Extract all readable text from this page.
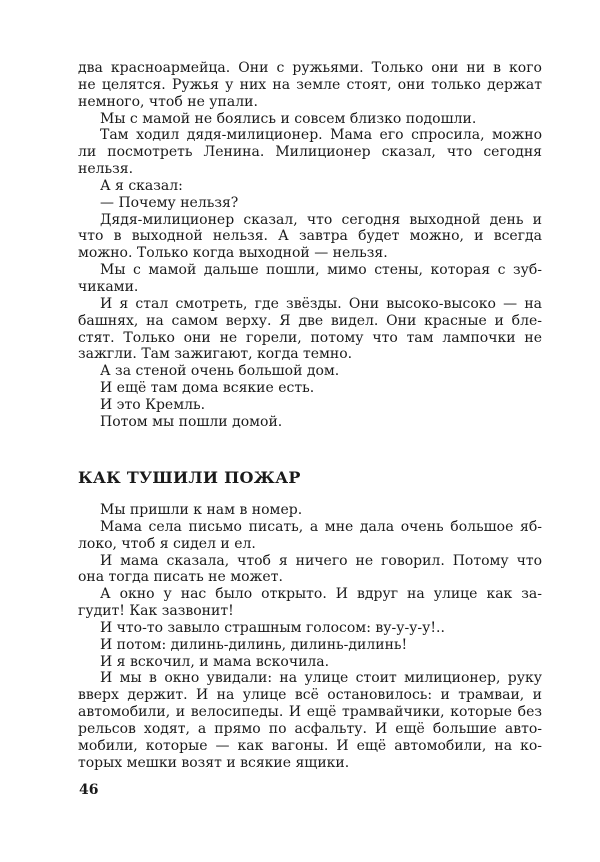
два красноармейца. Они с ружьями. Только они ни в кого
не целятся. Ружья у них на земле стоят, они только держат
немного, чтоб не упали.
Мы с мамой не боялись и совсем близко подошли.
Там ходил дядя-милиционер. Мама его спросила, можно
ли посмотреть Ленина. Милиционер сказал, что сегодня
нельзя.
А я сказал:
— Почему нельзя?
Дядя-милиционер сказал, что сегодня выходной день и
что в выходной нельзя. А завтра будет можно, и всегда
можно. Только когда выходной — нельзя.
Мы с мамой дальше пошли, мимо стены, которая с зуб-
чиками.
И я стал смотреть, где звёзды. Они высоко-высоко — на
башнях, на самом верху. Я две видел. Они красные и бле-
стят. Только они не горели, потому что там лампочки не
зажгли. Там зажигают, когда темно.
А за стеной очень большой дом.
И ещё там дома всякие есть.
И это Кремль.
Потом мы пошли домой.
КАК ТУШИЛИ ПОЖАР
Мы пришли к нам в номер.
Мама села письмо писать, а мне дала очень большое яб-
локо, чтоб я сидел и ел.
И мама сказала, чтоб я ничего не говорил. Потому что
она тогда писать не может.
А окно у нас было открыто. И вдруг на улице как за-
гудит! Как зазвонит!
И что-то завыло страшным голосом: ву-у-у-у!..
И потом: дилинь-дилинь, дилинь-дилинь!
И я вскочил, и мама вскочила.
И мы в окно увидали: на улице стоит милиционер, руку
вверх держит. И на улице всё остановилось: и трамваи, и
автомобили, и велосипеды. И ещё трамвайчики, которые без
рельсов ходят, а прямо по асфальту. И ещё большие авто-
мобили, которые — как вагоны. И ещё автомобили, на ко-
торых мешки возят и всякие ящики.
46
